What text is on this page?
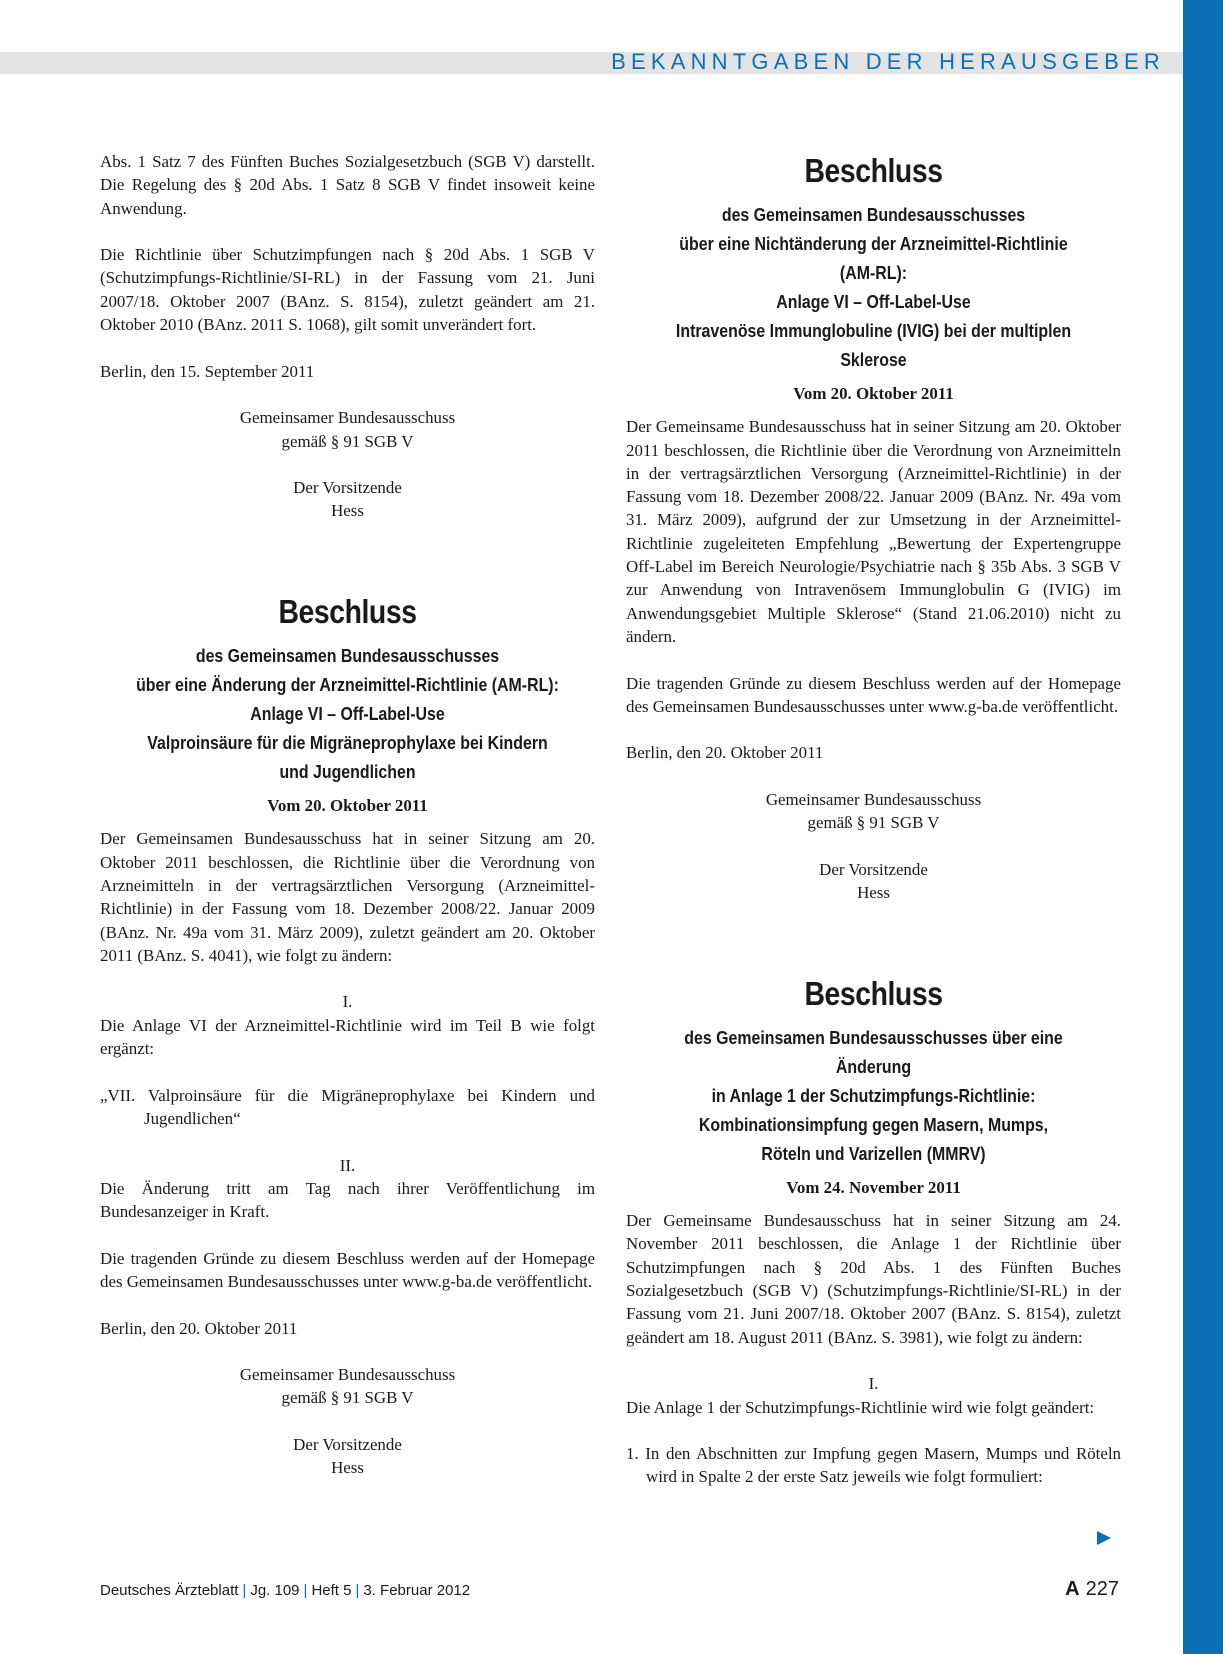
BEKANNTGABEN DER HERAUSGEBER

Abs. 1 Satz 7 des Fünften Buches Sozialgesetzbuch (SGB V) darstellt. Die Regelung des § 20d Abs. 1 Satz 8 SGB V findet insoweit keine Anwendung.

Die Richtlinie über Schutzimpfungen nach § 20d Abs. 1 SGB V (Schutzimpfungs-Richtlinie/SI-RL) in der Fassung vom 21. Juni 2007/18. Oktober 2007 (BAnz. S. 8154), zuletzt geändert am 21. Oktober 2010 (BAnz. 2011 S. 1068), gilt somit unverändert fort.

Berlin, den 15. September 2011

Gemeinsamer Bundesausschuss
gemäß § 91 SGB V
Der Vorsitzende
Hess
Beschluss
des Gemeinsamen Bundesausschusses
über eine Änderung der Arzneimittel-Richtlinie (AM-RL):
Anlage VI – Off-Label-Use
Valproinsäure für die Migräneprophylaxe bei Kindern
und Jugendlichen
Vom 20. Oktober 2011

Der Gemeinsamen Bundesausschuss hat in seiner Sitzung am 20. Oktober 2011 beschlossen, die Richtlinie über die Verordnung von Arzneimitteln in der vertragsärztlichen Versorgung (Arzneimittel-Richtlinie) in der Fassung vom 18. Dezember 2008/22. Januar 2009 (BAnz. Nr. 49a vom 31. März 2009), zuletzt geändert am 20. Oktober 2011 (BAnz. S. 4041), wie folgt zu ändern:

I.

Die Anlage VI der Arzneimittel-Richtlinie wird im Teil B wie folgt ergänzt:

„VII. Valproinsäure für die Migräneprophylaxe bei Kindern und Jugendlichen“

II.

Die Änderung tritt am Tag nach ihrer Veröffentlichung im Bundesanzeiger in Kraft.

Die tragenden Gründe zu diesem Beschluss werden auf der Homepage des Gemeinsamen Bundesausschusses unter www.g-ba.de veröffentlicht.

Berlin, den 20. Oktober 2011

Gemeinsamer Bundesausschuss
gemäß § 91 SGB V
Der Vorsitzende
Hess
Beschluss
des Gemeinsamen Bundesausschusses
über eine Nichtänderung der Arzneimittel-Richtlinie (AM-RL):
Anlage VI – Off-Label-Use
Intravenöse Immunglobuline (IVIG) bei der multiplen Sklerose
Vom 20. Oktober 2011

Der Gemeinsame Bundesausschuss hat in seiner Sitzung am 20. Oktober 2011 beschlossen, die Richtlinie über die Verordnung von Arzneimitteln in der vertragsärztlichen Versorgung (Arzneimittel-Richtlinie) in der Fassung vom 18. Dezember 2008/22. Januar 2009 (BAnz. Nr. 49a vom 31. März 2009), aufgrund der zur Umsetzung in der Arzneimittel-Richtlinie zugeleiteten Empfehlung „Bewertung der Expertengruppe Off-Label im Bereich Neurologie/Psychiatrie nach § 35b Abs. 3 SGB V zur Anwendung von Intravenösem Immunglobulin G (IVIG) im Anwendungsgebiet Multiple Sklerose“ (Stand 21.06.2010) nicht zu ändern.

Die tragenden Gründe zu diesem Beschluss werden auf der Homepage des Gemeinsamen Bundesausschusses unter www.g-ba.de veröffentlicht.

Berlin, den 20. Oktober 2011

Gemeinsamer Bundesausschuss
gemäß § 91 SGB V
Der Vorsitzende
Hess
Beschluss
des Gemeinsamen Bundesausschusses über eine Änderung
in Anlage 1 der Schutzimpfungs-Richtlinie:
Kombinationsimpfung gegen Masern, Mumps,
Röteln und Varizellen (MMRV)
Vom 24. November 2011

Der Gemeinsame Bundesausschuss hat in seiner Sitzung am 24. November 2011 beschlossen, die Anlage 1 der Richtlinie über Schutzimpfungen nach § 20d Abs. 1 des Fünften Buches Sozialgesetzbuch (SGB V) (Schutzimpfungs-Richtlinie/SI-RL) in der Fassung vom 21. Juni 2007/18. Oktober 2007 (BAnz. S. 8154), zuletzt geändert am 18. August 2011 (BAnz. S. 3981), wie folgt zu ändern:

I.

Die Anlage 1 der Schutzimpfungs-Richtlinie wird wie folgt geändert:

1. In den Abschnitten zur Impfung gegen Masern, Mumps und Röteln wird in Spalte 2 der erste Satz jeweils wie folgt formuliert:

Deutsches Ärzteblatt | Jg. 109 | Heft 5 | 3. Februar 2012	A 227
